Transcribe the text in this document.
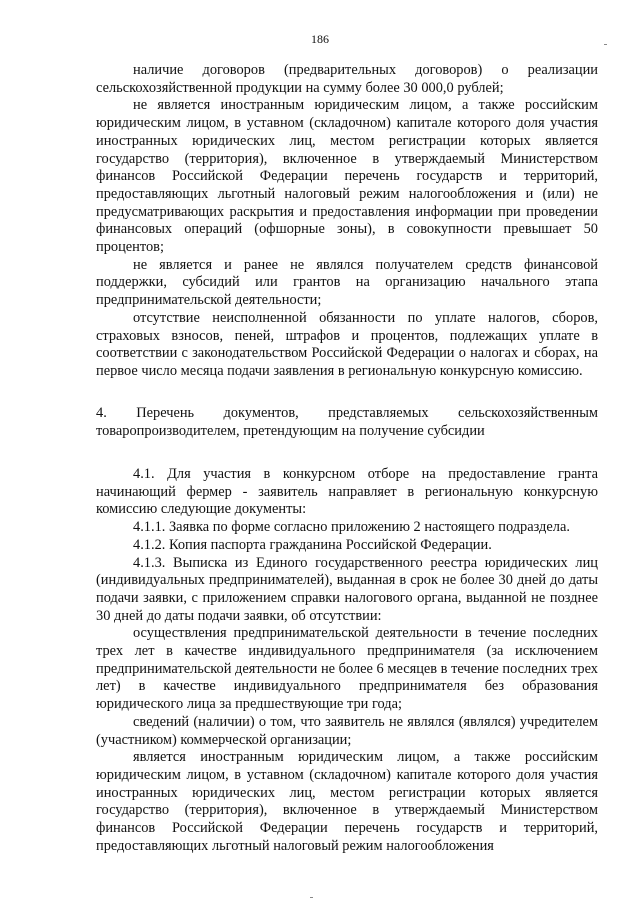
186

наличие договоров (предварительных договоров) о реализации сельскохозяйственной продукции на сумму более 30 000,0 рублей;

не является иностранным юридическим лицом, а также российским юридическим лицом, в уставном (складочном) капитале которого доля участия иностранных юридических лиц, местом регистрации которых является государство (территория), включенное в утверждаемый Министерством финансов Российской Федерации перечень государств и территорий, предоставляющих льготный налоговый режим налогообложения и (или) не предусматривающих раскрытия и предоставления информации при проведении финансовых операций (офшорные зоны), в совокупности превышает 50 процентов;

не является и ранее не являлся получателем средств финансовой поддержки, субсидий или грантов на организацию начального этапа предпринимательской деятельности;

отсутствие неисполненной обязанности по уплате налогов, сборов, страховых взносов, пеней, штрафов и процентов, подлежащих уплате в соответствии с законодательством Российской Федерации о налогах и сборах, на первое число месяца подачи заявления в региональную конкурсную комиссию.

4. Перечень документов, представляемых сельскохозяйственным товаропроизводителем, претендующим на получение субсидии

4.1. Для участия в конкурсном отборе на предоставление гранта начинающий фермер - заявитель направляет в региональную конкурсную комиссию следующие документы:

4.1.1. Заявка по форме согласно приложению 2 настоящего подраздела.

4.1.2. Копия паспорта гражданина Российской Федерации.

4.1.3. Выписка из Единого государственного реестра юридических лиц (индивидуальных предпринимателей), выданная в срок не более 30 дней до даты подачи заявки, с приложением справки налогового органа, выданной не позднее 30 дней до даты подачи заявки, об отсутствии:

осуществления предпринимательской деятельности в течение последних трех лет в качестве индивидуального предпринимателя (за исключением предпринимательской деятельности не более 6 месяцев в течение последних трех лет) в качестве индивидуального предпринимателя без образования юридического лица за предшествующие три года;

сведений (наличии) о том, что заявитель не являлся (являлся) учредителем (участником) коммерческой организации;

является иностранным юридическим лицом, а также российским юридическим лицом, в уставном (складочном) капитале которого доля участия иностранных юридических лиц, местом регистрации которых является государство (территория), включенное в утверждаемый Министерством финансов Российской Федерации перечень государств и территорий, предоставляющих льготный налоговый режим налогообложения
